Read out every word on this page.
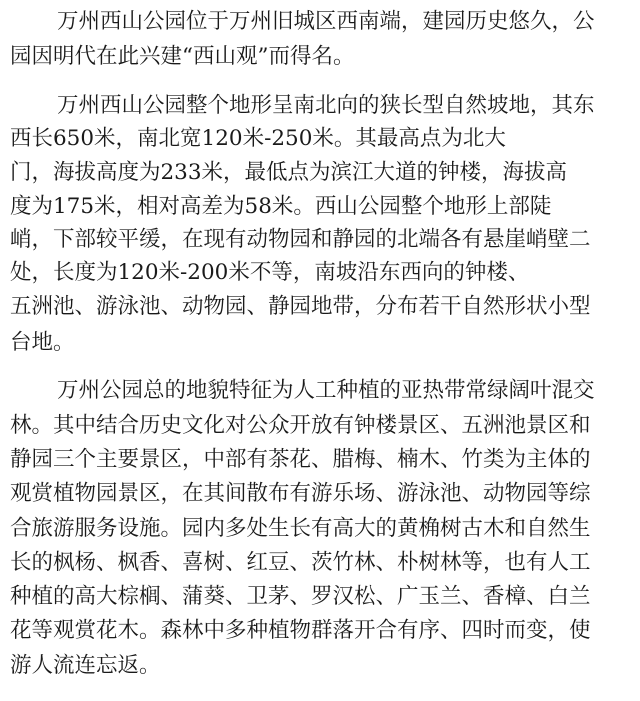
万州西山公园位于万州旧城区西南端，建园历史悠久，公
园因明代在此兴建“西山观”而得名。
万州西山公园整个地形呈南北向的狭长型自然坡地，其东
西长650米，南北宽120米-250米。其最高点为北大
门，海拔高度为233米，最低点为滨江大道的钟楼，海拔高
度为175米，相对高差为58米。西山公园整个地形上部陡
峭，下部较平缓，在现有动物园和静园的北端各有悬崖峭壁二
处，长度为120米-200米不等，南坡沿东西向的钟楼、
五洲池、游泳池、动物园、静园地带，分布若干自然形状小型
台地。
万州公园总的地貌特征为人工种植的亚热带常绿阔叶混交
林。其中结合历史文化对公众开放有钟楼景区、五洲池景区和
静园三个主要景区，中部有茶花、腊梅、楠木、竹类为主体的
观赏植物园景区，在其间散布有游乐场、游泳池、动物园等综
合旅游服务设施。园内多处生长有高大的黄桷树古木和自然生
长的枫杨、枫香、喜树、红豆、茨竹林、朴树林等，也有人工
种植的高大棕榈、蒲葵、卫茅、罗汉松、广玉兰、香樟、白兰
花等观赏花木。森林中多种植物群落开合有序、四时而变，使
游人流连忘返。
